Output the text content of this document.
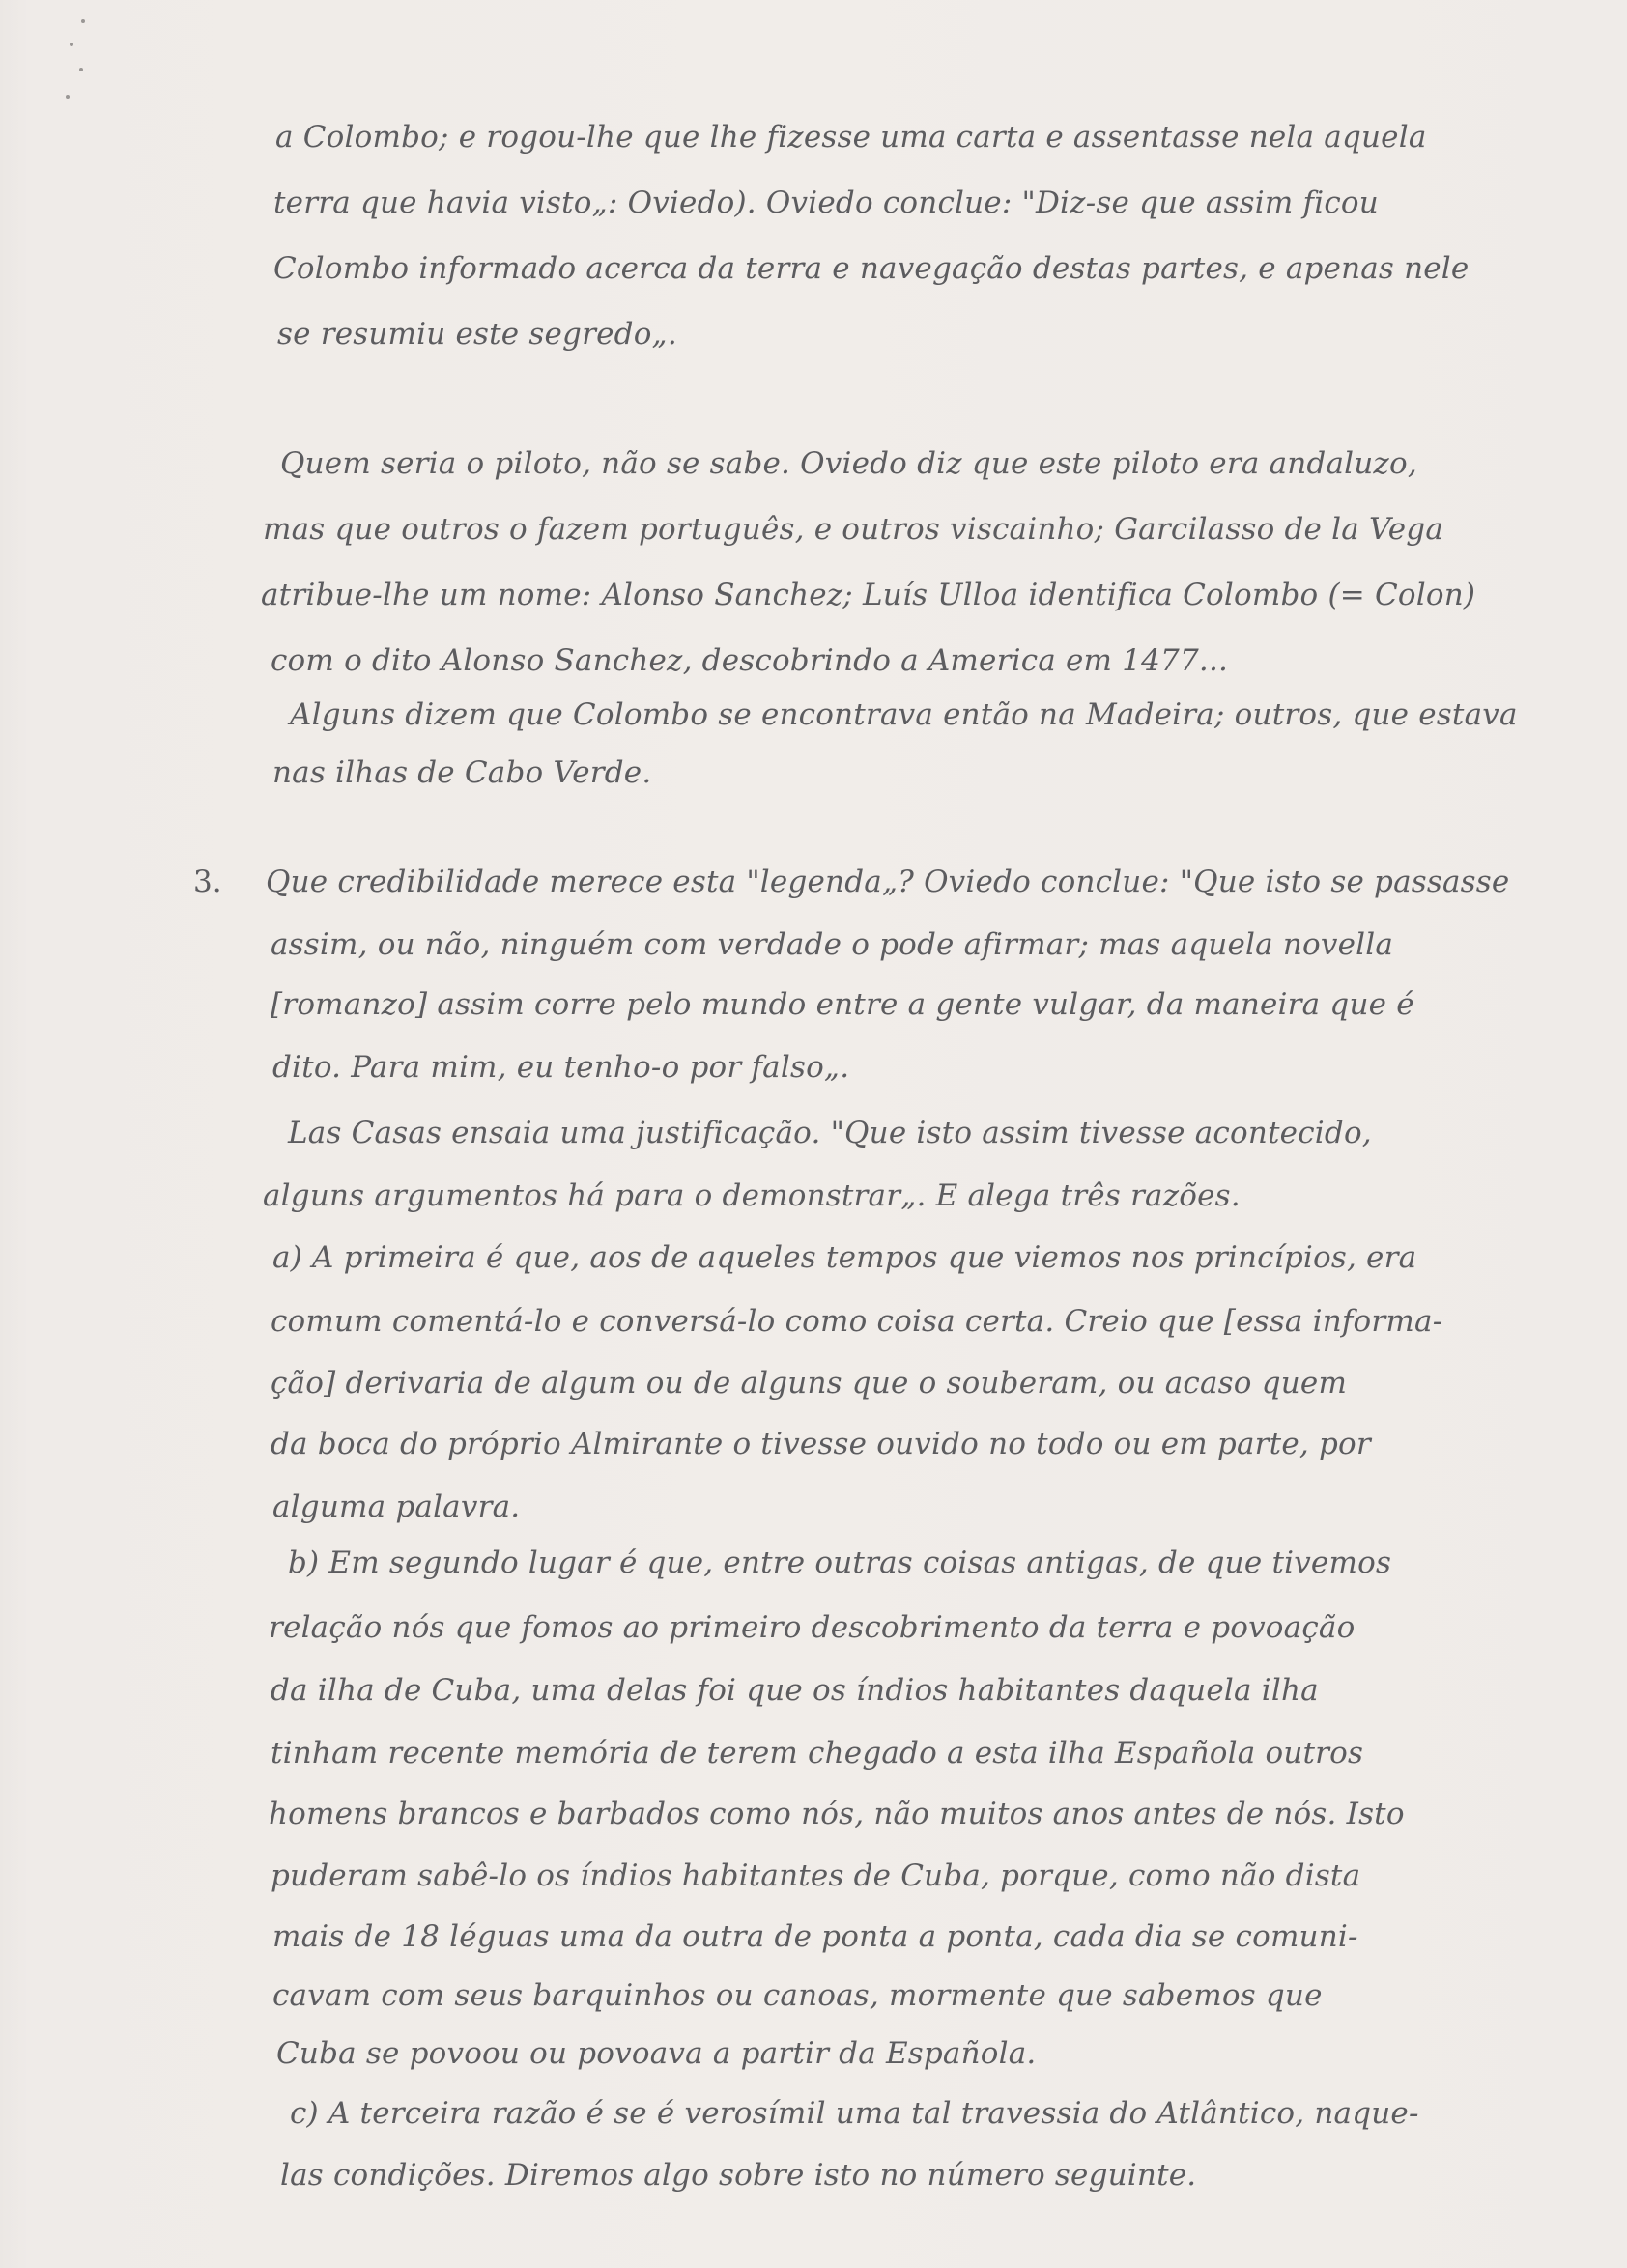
a Colombo; e rogou-lhe que lhe fizesse uma carta e assentasse nela aquela
terra que havia visto„: Oviedo). Oviedo conclue: "Diz-se que assim ficou
Colombo informado acerca da terra e navegação destas partes, e apenas nele
se resumiu este segredo„.
Quem seria o piloto, não se sabe. Oviedo diz que este piloto era andaluzo,
mas que outros o fazem português, e outros viscainho; Garcilasso de la Vega
atribue-lhe um nome: Alonso Sanchez; Luís Ulloa identifica Colombo (= Colon)
com o dito Alonso Sanchez, descobrindo a America em 1477...
Alguns dizem que Colombo se encontrava então na Madeira; outros, que estava
nas ilhas de Cabo Verde.
3. Que credibilidade merece esta "legenda„? Oviedo conclue: "Que isto se passasse
assim, ou não, ninguém com verdade o pode afirmar; mas aquela novella
[romanzo] assim corre pelo mundo entre a gente vulgar, da maneira que é
dito. Para mim, eu tenho-o por falso„.
Las Casas ensaia uma justificação. "Que isto assim tivesse acontecido,
alguns argumentos há para o demonstrar„. E alega três razões.
a) A primeira é que, aos de aqueles tempos que viemos nos princípios, era
comum comentá-lo e conversá-lo como coisa certa. Creio que [essa informa-
ção] derivaria de algum ou de alguns que o souberam, ou acaso quem
da boca do próprio Almirante o tivesse ouvido no todo ou em parte, por
alguma palavra.
b) Em segundo lugar é que, entre outras coisas antigas, de que tivemos
relação nós que fomos ao primeiro descobrimento da terra e povoação
da ilha de Cuba, uma delas foi que os índios habitantes daquela ilha
tinham recente memória de terem chegado a esta ilha Española outros
homens brancos e barbados como nós, não muitos anos antes de nós. Isto
puderam sabê-lo os índios habitantes de Cuba, porque, como não dista
mais de 18 léguas uma da outra de ponta a ponta, cada dia se comuni-
cavam com seus barquinhos ou canoas, mormente que sabemos que
Cuba se povoou ou povoava a partir da Española.
c) A terceira razão é se é verosímil uma tal travessia do Atlântico, naque-
las condições. Diremos algo sobre isto no número seguinte.
